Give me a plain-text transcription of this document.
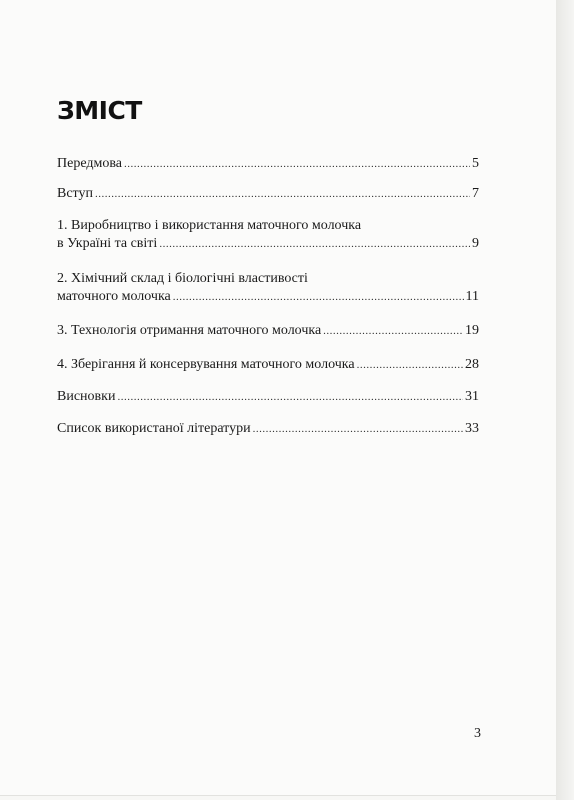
ЗМІСТ
Передмова .....	5
Вступ .....	7
1. Виробництво і використання маточного молочка
в Україні та світі .....	9
2. Хімічний склад і біологічні властивості
маточного молочка .....	11
3. Технологія отримання маточного молочка .....	19
4. Зберігання й консервування маточного молочка .....	28
Висновки .....	31
Список використаної літератури .....	33
3
